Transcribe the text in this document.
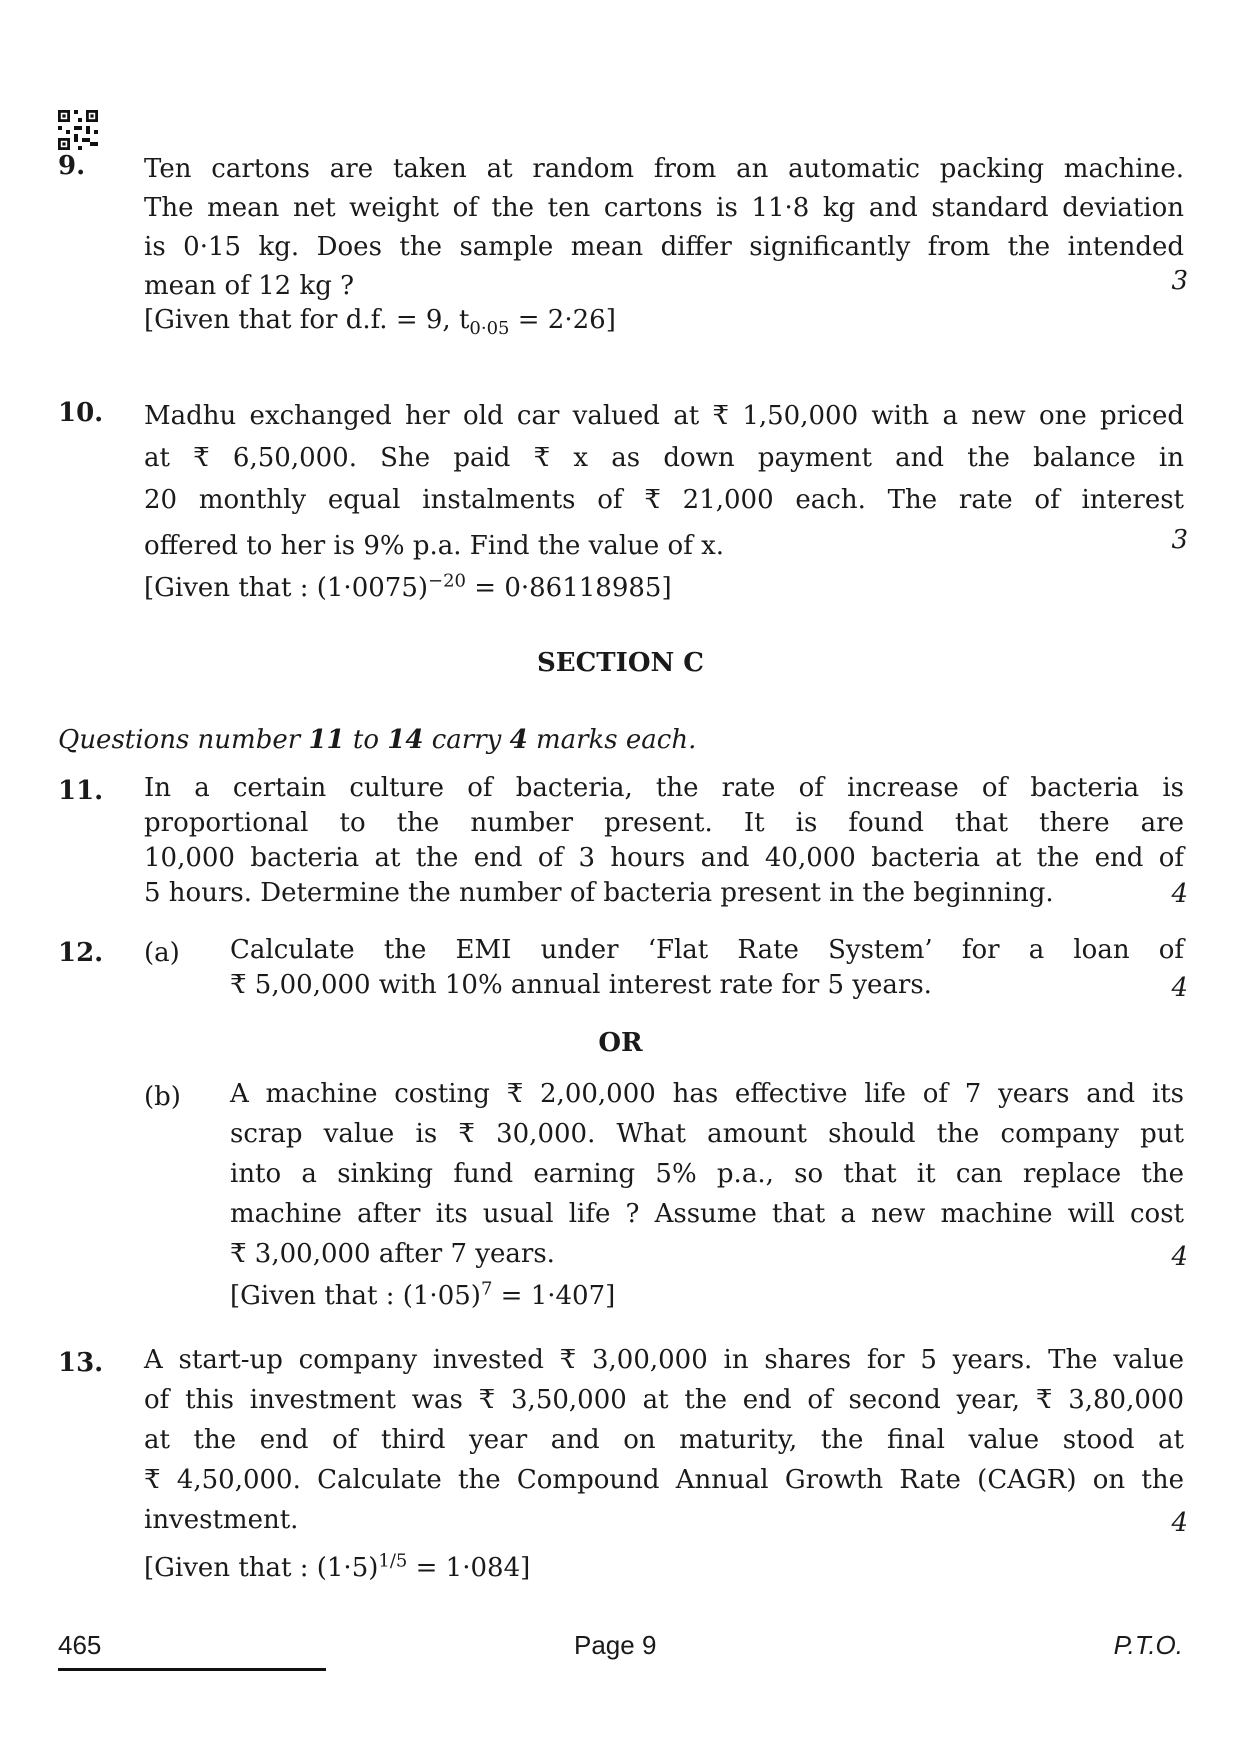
9. Ten cartons are taken at random from an automatic packing machine.
The mean net weight of the ten cartons is 11·8 kg and standard deviation
is 0·15 kg. Does the sample mean differ significantly from the intended
mean of 12 kg ?
[Given that for d.f. = 9, $t_{0\cdot 05} = 2\cdot 26$]
3
10. Madhu exchanged her old car valued at ₹ 1,50,000 with a new one priced
at ₹ 6,50,000. She paid ₹ x as down payment and the balance in
20 monthly equal instalments of ₹ 21,000 each. The rate of interest
offered to her is 9% p.a. Find the value of x.
[Given that : $(1\cdot 0075)^{-20} = 0\cdot 86118985$]
3
SECTION C
Questions number 11 to 14 carry 4 marks each.
11. In a certain culture of bacteria, the rate of increase of bacteria is
proportional to the number present. It is found that there are
10,000 bacteria at the end of 3 hours and 40,000 bacteria at the end of
5 hours. Determine the number of bacteria present in the beginning.	4
12. (a) Calculate the EMI under ‘Flat Rate System’ for a loan of
₹ 5,00,000 with 10% annual interest rate for 5 years.	4
OR
(b) A machine costing ₹ 2,00,000 has effective life of 7 years and its
scrap value is ₹ 30,000. What amount should the company put
into a sinking fund earning 5% p.a., so that it can replace the
machine after its usual life ? Assume that a new machine will cost
₹ 3,00,000 after 7 years.
[Given that : $(1\cdot 05)^7 = 1\cdot 407$]
4
13. A start-up company invested ₹ 3,00,000 in shares for 5 years. The value
of this investment was ₹ 3,50,000 at the end of second year, ₹ 3,80,000
at the end of third year and on maturity, the final value stood at
₹ 4,50,000. Calculate the Compound Annual Growth Rate (CAGR) on the
investment.
[Given that : $(1\cdot 5)^{1/5} = 1\cdot 084$]
4
465	Page 9	P.T.O.
